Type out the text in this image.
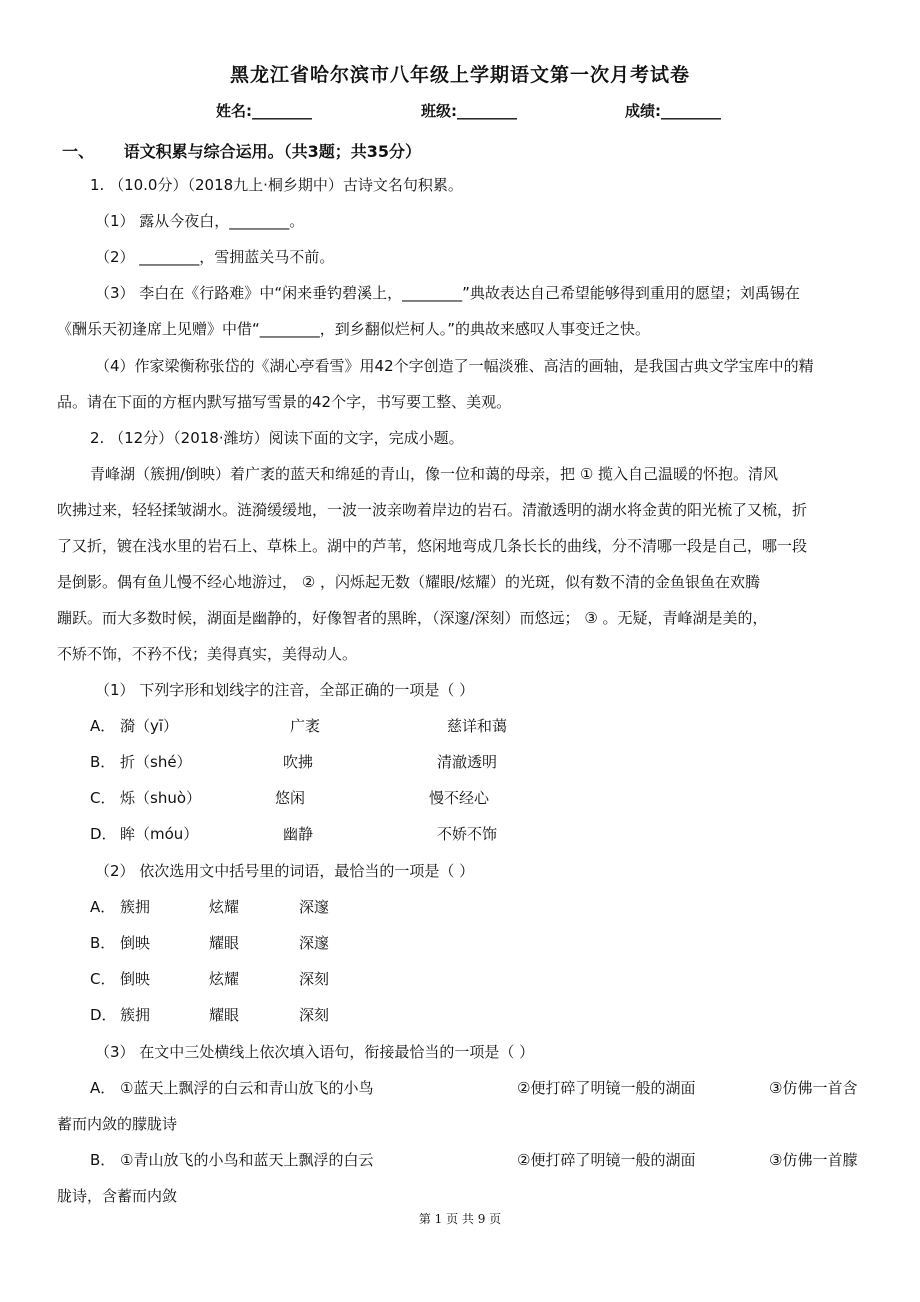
黑龙江省哈尔滨市八年级上学期语文第一次月考试卷
姓名:________	班级:________	成绩:________
一、 语文积累与综合运用。（共3题；共35分）
1. （10.0分）（2018九上·桐乡期中）古诗文名句积累。
（1） 露从今夜白，________。
（2） ________，雪拥蓝关马不前。
（3） 李白在《行路难》中“闲来垂钓碧溪上，________”典故表达自己希望能够得到重用的愿望；刘禹锡在
《酬乐天初逢席上见赠》中借“________，到乡翻似烂柯人。”的典故来感叹人事变迁之快。
（4）作家梁衡称张岱的《湖心亭看雪》用42个字创造了一幅淡雅、高洁的画轴，是我国古典文学宝库中的精
品。请在下面的方框内默写描写雪景的42个字，书写要工整、美观。
2. （12分）（2018·潍坊）阅读下面的文字，完成小题。
青峰湖（簇拥/倒映）着广袤的蓝天和绵延的青山，像一位和蔼的母亲，把 ① 揽入自己温暖的怀抱。清风
吹拂过来，轻轻揉皱湖水。涟漪缓缓地，一波一波亲吻着岸边的岩石。清澈透明的湖水将金黄的阳光梳了又梳，折
了又折，镀在浅水里的岩石上、草株上。湖中的芦苇，悠闲地弯成几条长长的曲线，分不清哪一段是自己，哪一段
是倒影。偶有鱼儿慢不经心地游过， ② ，闪烁起无数（耀眼/炫耀）的光斑，似有数不清的金鱼银鱼在欢腾
蹦跃。而大多数时候，湖面是幽静的，好像智者的黑眸，（深邃/深刻）而悠远； ③ 。无疑，青峰湖是美的，
不矫不饰，不矜不伐；美得真实，美得动人。
（1） 下列字形和划线字的注音，全部正确的一项是（ ）
A． 漪（yī）	广袤	慈详和蔼
B． 折（shé）	吹拂	清澈透明
C． 烁（shuò）	悠闲	慢不经心
D． 眸（móu）	幽静	不娇不饰
（2） 依次选用文中括号里的词语，最恰当的一项是（ ）
A． 簇拥	炫耀	深邃
B． 倒映	耀眼	深邃
C． 倒映	炫耀	深刻
D． 簇拥	耀眼	深刻
（3） 在文中三处横线上依次填入语句，衔接最恰当的一项是（ ）
A． ①蓝天上飘浮的白云和青山放飞的小鸟	②便打碎了明镜一般的湖面	③仿佛一首含
蓄而内敛的朦胧诗
B． ①青山放飞的小鸟和蓝天上飘浮的白云	②便打碎了明镜一般的湖面	③仿佛一首朦
胧诗，含蓄而内敛
第 1 页 共 9 页
